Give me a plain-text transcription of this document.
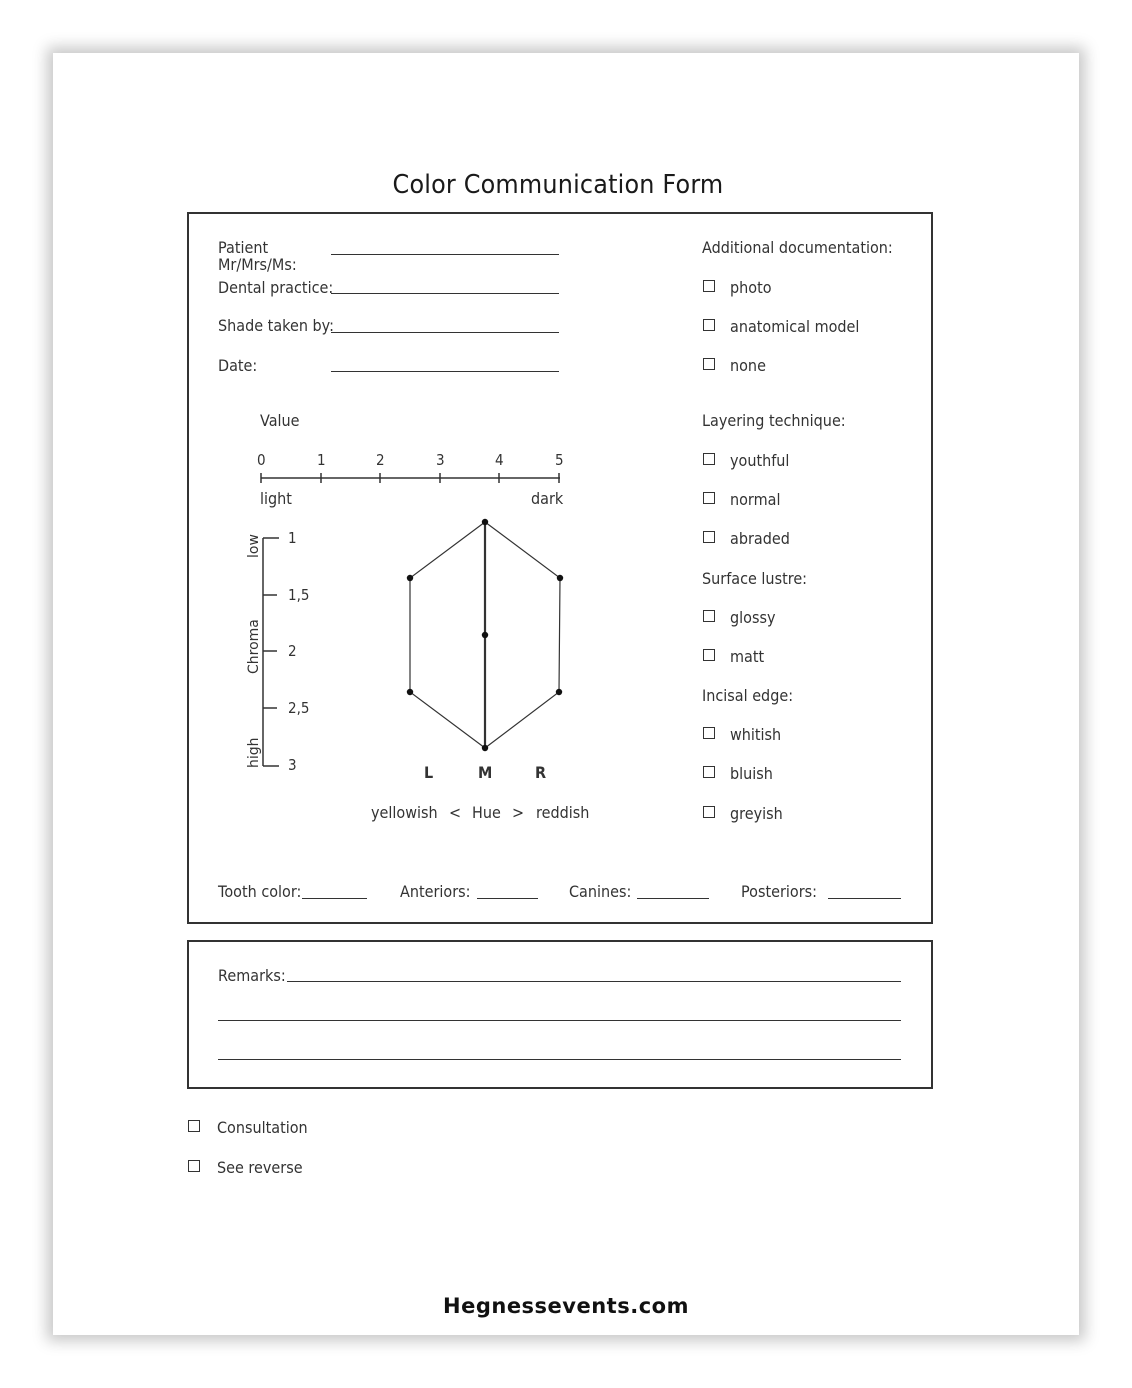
Color Communication Form
Patient
Mr/Mrs/Ms:
Dental practice:
Shade taken by:
Date:
Value
0	1	2	3	4	5
light	dark
1
1,5
2
2,5
3
low
Chroma
high
L	M	R
yellowish < Hue > reddish
Additional documentation:
photo
anatomical model
none
Layering technique:
youthful
normal
abraded
Surface lustre:
glossy
matt
Incisal edge:
whitish
bluish
greyish
Tooth color:	Anteriors:	Canines:	Posteriors:
Remarks:
Consultation
See reverse
Hegnessevents.com
